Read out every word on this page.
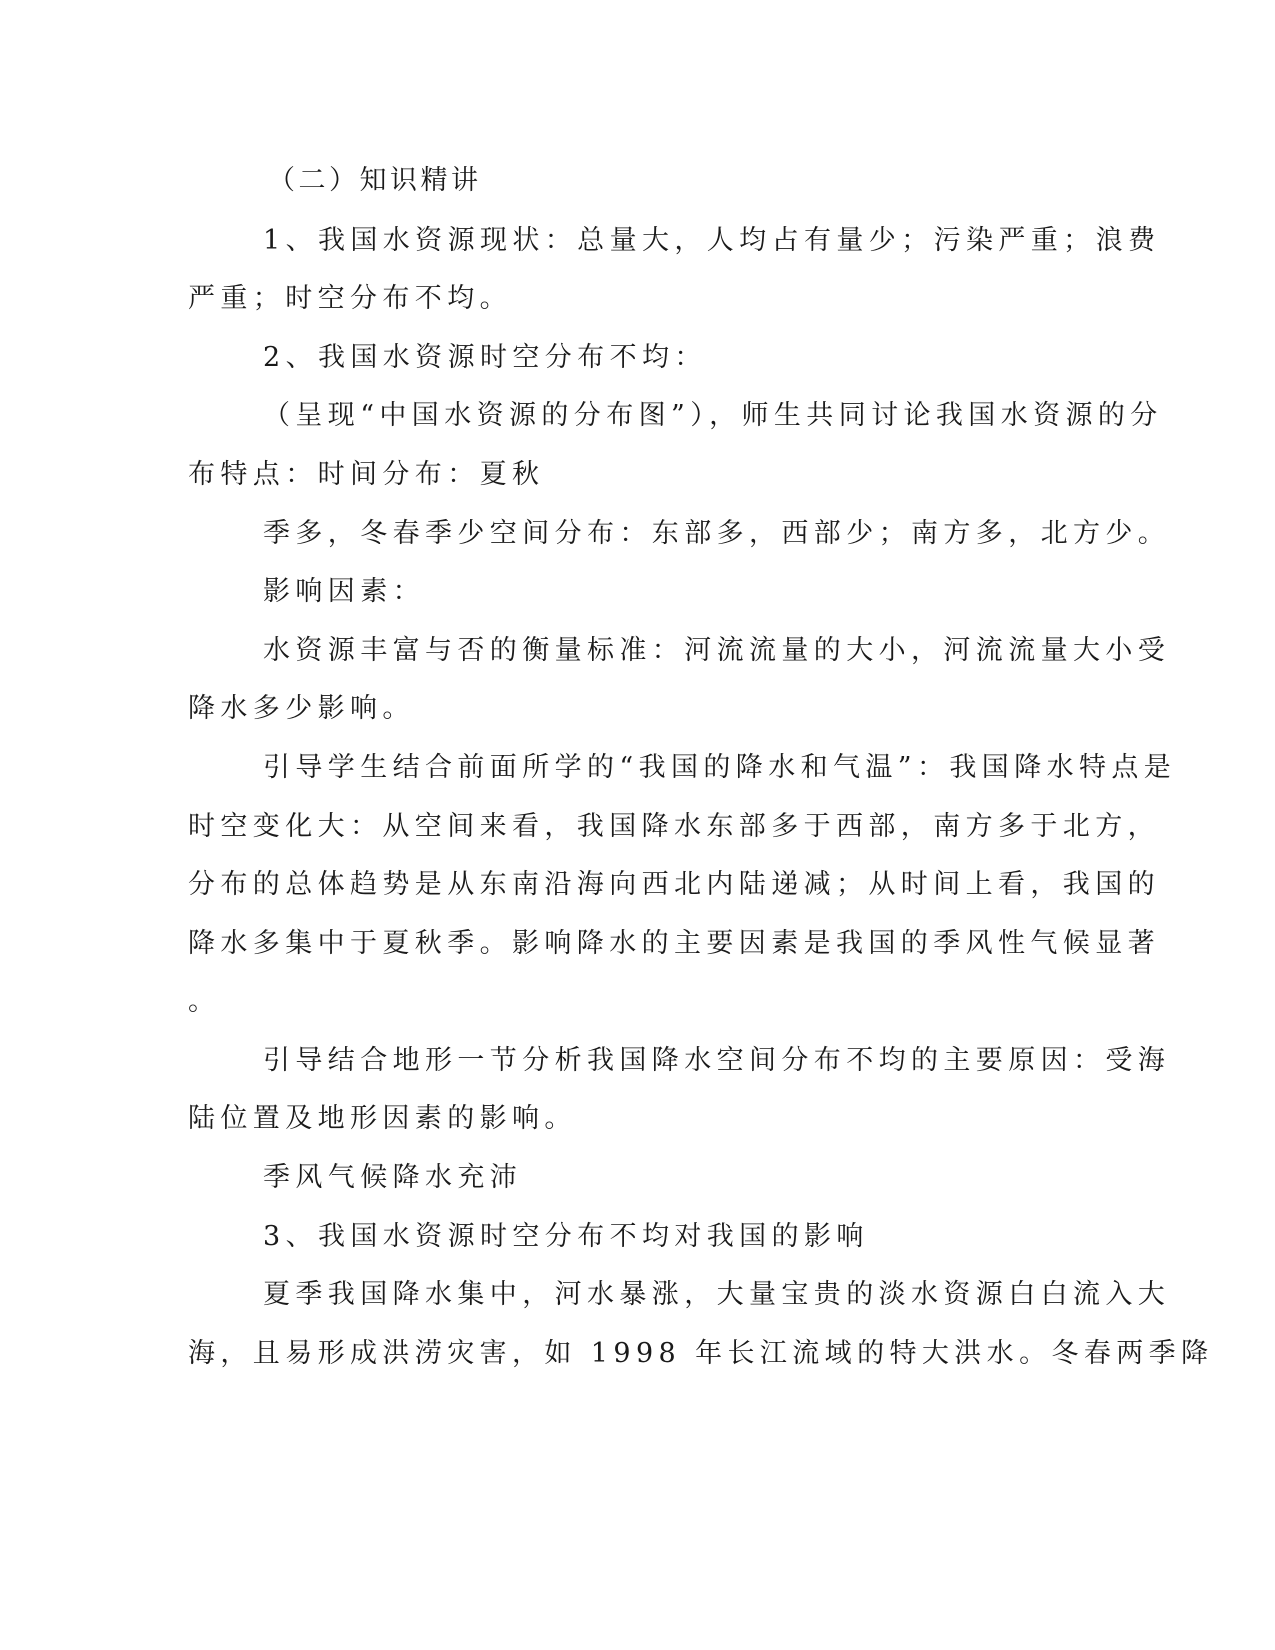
（二）知识精讲
1、我国水资源现状：总量大，人均占有量少；污染严重；浪费
严重；时空分布不均。
2、我国水资源时空分布不均：
（呈现“中国水资源的分布图”），师生共同讨论我国水资源的分
布特点：时间分布：夏秋
季多，冬春季少空间分布：东部多，西部少；南方多，北方少。
影响因素：
水资源丰富与否的衡量标准：河流流量的大小，河流流量大小受
降水多少影响。
引导学生结合前面所学的“我国的降水和气温”：我国降水特点是
时空变化大：从空间来看，我国降水东部多于西部，南方多于北方，
分布的总体趋势是从东南沿海向西北内陆递减；从时间上看，我国的
降水多集中于夏秋季。影响降水的主要因素是我国的季风性气候显著
。
引导结合地形一节分析我国降水空间分布不均的主要原因：受海
陆位置及地形因素的影响。
季风气候降水充沛
3、我国水资源时空分布不均对我国的影响
夏季我国降水集中，河水暴涨，大量宝贵的淡水资源白白流入大
海，且易形成洪涝灾害，如 1998 年长江流域的特大洪水。冬春两季降
